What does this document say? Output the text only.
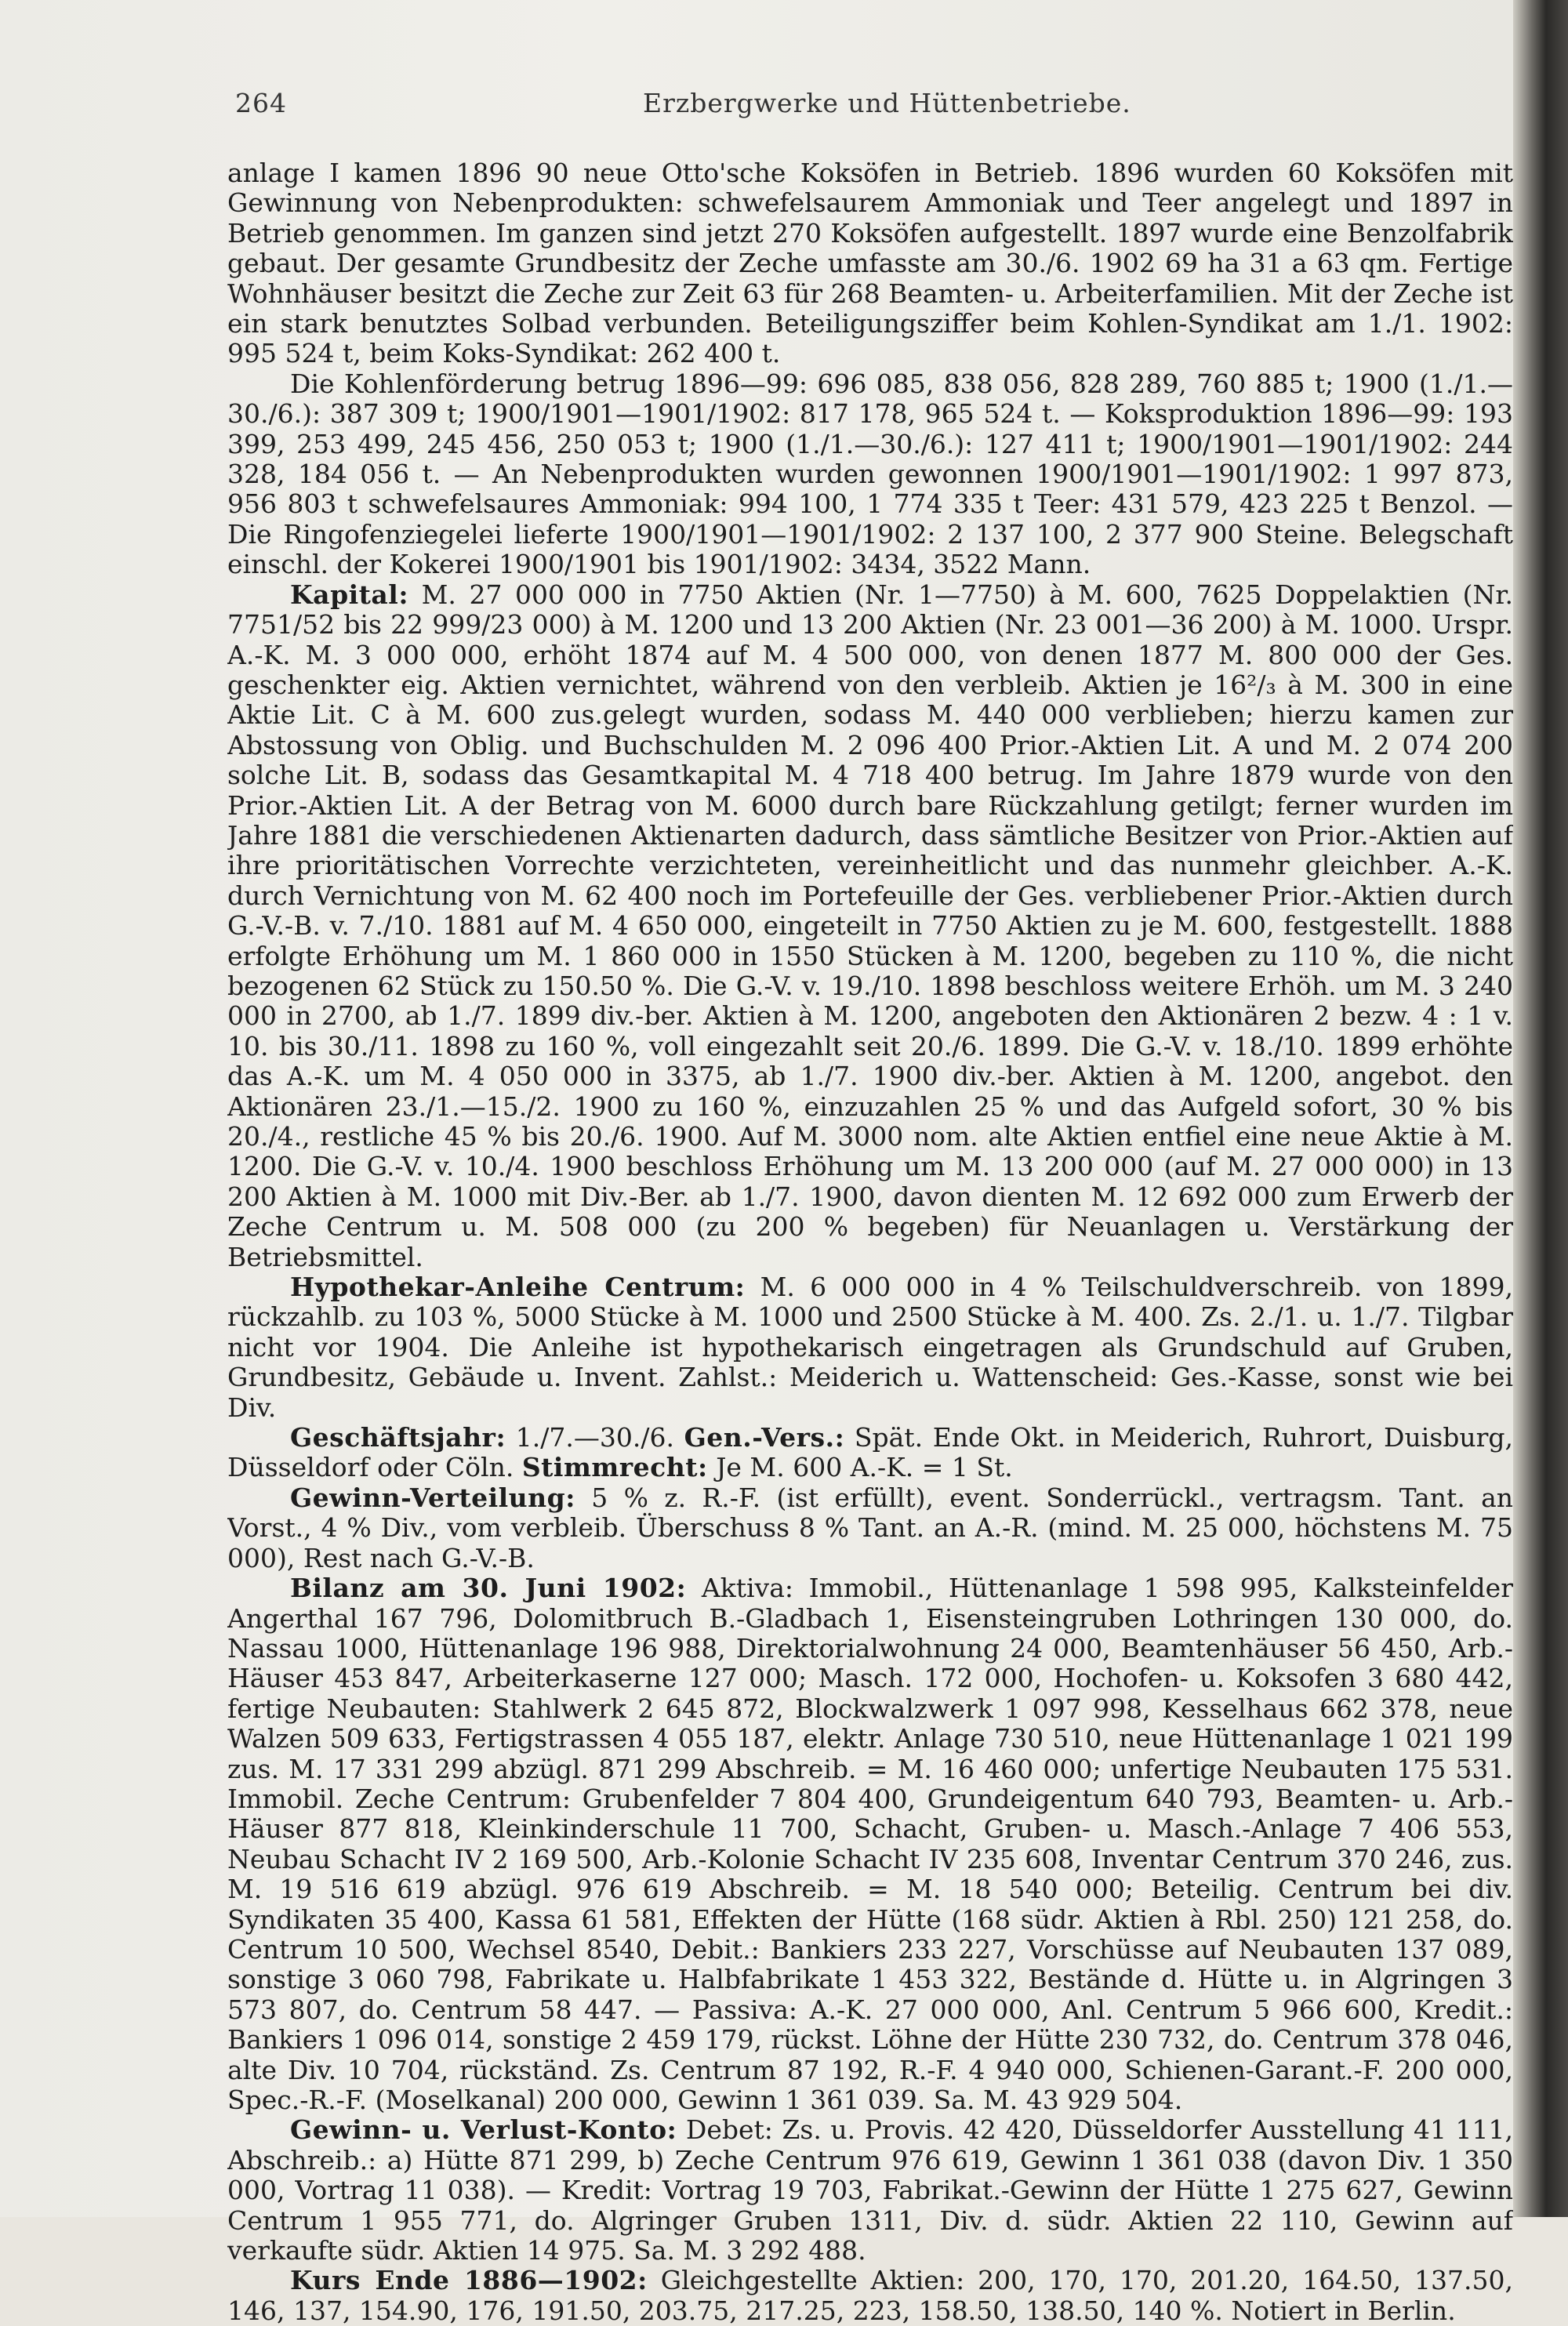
264	Erzbergwerke und Hüttenbetriebe.

anlage I kamen 1896 90 neue Otto'sche Koksöfen in Betrieb. 1896 wurden 60 Koksöfen mit Gewinnung von Nebenprodukten: schwefelsaurem Ammoniak und Teer angelegt und 1897 in Betrieb genommen. Im ganzen sind jetzt 270 Koksöfen aufgestellt. 1897 wurde eine Benzolfabrik gebaut. Der gesamte Grundbesitz der Zeche umfasste am 30./6. 1902 69 ha 31 a 63 qm. Fertige Wohnhäuser besitzt die Zeche zur Zeit 63 für 268 Beamten- u. Arbeiterfamilien. Mit der Zeche ist ein stark benutztes Solbad verbunden. Beteiligungsziffer beim Kohlen-Syndikat am 1./1. 1902: 995 524 t, beim Koks-Syndikat: 262 400 t.

Die Kohlenförderung betrug 1896—99: 696 085, 838 056, 828 289, 760 885 t; 1900 (1./1.—30./6.): 387 309 t; 1900/1901—1901/1902: 817 178, 965 524 t. — Koksproduktion 1896—99: 193 399, 253 499, 245 456, 250 053 t; 1900 (1./1.—30./6.): 127 411 t; 1900/1901—1901/1902: 244 328, 184 056 t. — An Nebenprodukten wurden gewonnen 1900/1901—1901/1902: 1 997 873, 956 803 t schwefelsaures Ammoniak: 994 100, 1 774 335 t Teer: 431 579, 423 225 t Benzol. — Die Ringofenziegelei lieferte 1900/1901—1901/1902: 2 137 100, 2 377 900 Steine. Belegschaft einschl. der Kokerei 1900/1901 bis 1901/1902: 3434, 3522 Mann.

Kapital: M. 27 000 000 in 7750 Aktien (Nr. 1—7750) à M. 600, 7625 Doppelaktien (Nr. 7751/52 bis 22 999/23 000) à M. 1200 und 13 200 Aktien (Nr. 23 001—36 200) à M. 1000. Urspr. A.-K. M. 3 000 000, erhöht 1874 auf M. 4 500 000, von denen 1877 M. 800 000 der Ges. geschenkter eig. Aktien vernichtet, während von den verbleib. Aktien je 16²/₃ à M. 300 in eine Aktie Lit. C à M. 600 zus.gelegt wurden, sodass M. 440 000 verblieben; hierzu kamen zur Abstossung von Oblig. und Buchschulden M. 2 096 400 Prior.-Aktien Lit. A und M. 2 074 200 solche Lit. B, sodass das Gesamtkapital M. 4 718 400 betrug. Im Jahre 1879 wurde von den Prior.-Aktien Lit. A der Betrag von M. 6000 durch bare Rückzahlung getilgt; ferner wurden im Jahre 1881 die verschiedenen Aktienarten dadurch, dass sämtliche Besitzer von Prior.-Aktien auf ihre prioritätischen Vorrechte verzichteten, vereinheitlicht und das nunmehr gleichber. A.-K. durch Vernichtung von M. 62 400 noch im Portefeuille der Ges. verbliebener Prior.-Aktien durch G.-V.-B. v. 7./10. 1881 auf M. 4 650 000, eingeteilt in 7750 Aktien zu je M. 600, festgestellt. 1888 erfolgte Erhöhung um M. 1 860 000 in 1550 Stücken à M. 1200, begeben zu 110 %, die nicht bezogenen 62 Stück zu 150.50 %. Die G.-V. v. 19./10. 1898 beschloss weitere Erhöh. um M. 3 240 000 in 2700, ab 1./7. 1899 div.-ber. Aktien à M. 1200, angeboten den Aktionären 2 bezw. 4 : 1 v. 10. bis 30./11. 1898 zu 160 %, voll eingezahlt seit 20./6. 1899. Die G.-V. v. 18./10. 1899 erhöhte das A.-K. um M. 4 050 000 in 3375, ab 1./7. 1900 div.-ber. Aktien à M. 1200, angebot. den Aktionären 23./1.—15./2. 1900 zu 160 %, einzuzahlen 25 % und das Aufgeld sofort, 30 % bis 20./4., restliche 45 % bis 20./6. 1900. Auf M. 3000 nom. alte Aktien entfiel eine neue Aktie à M. 1200. Die G.-V. v. 10./4. 1900 beschloss Erhöhung um M. 13 200 000 (auf M. 27 000 000) in 13 200 Aktien à M. 1000 mit Div.-Ber. ab 1./7. 1900, davon dienten M. 12 692 000 zum Erwerb der Zeche Centrum u. M. 508 000 (zu 200 % begeben) für Neuanlagen u. Verstärkung der Betriebsmittel.

Hypothekar-Anleihe Centrum: M. 6 000 000 in 4 % Teilschuldverschreib. von 1899, rückzahlb. zu 103 %, 5000 Stücke à M. 1000 und 2500 Stücke à M. 400. Zs. 2./1. u. 1./7. Tilgbar nicht vor 1904. Die Anleihe ist hypothekarisch eingetragen als Grundschuld auf Gruben, Grundbesitz, Gebäude u. Invent. Zahlst.: Meiderich u. Wattenscheid: Ges.-Kasse, sonst wie bei Div.

Geschäftsjahr: 1./7.—30./6. Gen.-Vers.: Spät. Ende Okt. in Meiderich, Ruhrort, Duisburg, Düsseldorf oder Cöln. Stimmrecht: Je M. 600 A.-K. = 1 St.

Gewinn-Verteilung: 5 % z. R.-F. (ist erfüllt), event. Sonderrückl., vertragsm. Tant. an Vorst., 4 % Div., vom verbleib. Überschuss 8 % Tant. an A.-R. (mind. M. 25 000, höchstens M. 75 000), Rest nach G.-V.-B.

Bilanz am 30. Juni 1902: Aktiva: Immobil., Hüttenanlage 1 598 995, Kalksteinfelder Angerthal 167 796, Dolomitbruch B.-Gladbach 1, Eisensteingruben Lothringen 130 000, do. Nassau 1000, Hüttenanlage 196 988, Direktorialwohnung 24 000, Beamtenhäuser 56 450, Arb.-Häuser 453 847, Arbeiterkaserne 127 000; Masch. 172 000, Hochofen- u. Koksofen 3 680 442, fertige Neubauten: Stahlwerk 2 645 872, Blockwalzwerk 1 097 998, Kesselhaus 662 378, neue Walzen 509 633, Fertigstrassen 4 055 187, elektr. Anlage 730 510, neue Hüttenanlage 1 021 199 zus. M. 17 331 299 abzügl. 871 299 Abschreib. = M. 16 460 000; unfertige Neubauten 175 531. Immobil. Zeche Centrum: Grubenfelder 7 804 400, Grundeigentum 640 793, Beamten- u. Arb.-Häuser 877 818, Kleinkinderschule 11 700, Schacht, Gruben- u. Masch.-Anlage 7 406 553, Neubau Schacht IV 2 169 500, Arb.-Kolonie Schacht IV 235 608, Inventar Centrum 370 246, zus. M. 19 516 619 abzügl. 976 619 Abschreib. = M. 18 540 000; Beteilig. Centrum bei div. Syndikaten 35 400, Kassa 61 581, Effekten der Hütte (168 südr. Aktien à Rbl. 250) 121 258, do. Centrum 10 500, Wechsel 8540, Debit.: Bankiers 233 227, Vorschüsse auf Neubauten 137 089, sonstige 3 060 798, Fabrikate u. Halbfabrikate 1 453 322, Bestände d. Hütte u. in Algringen 3 573 807, do. Centrum 58 447. — Passiva: A.-K. 27 000 000, Anl. Centrum 5 966 600, Kredit.: Bankiers 1 096 014, sonstige 2 459 179, rückst. Löhne der Hütte 230 732, do. Centrum 378 046, alte Div. 10 704, rückständ. Zs. Centrum 87 192, R.-F. 4 940 000, Schienen-Garant.-F. 200 000, Spec.-R.-F. (Moselkanal) 200 000, Gewinn 1 361 039. Sa. M. 43 929 504.

Gewinn- u. Verlust-Konto: Debet: Zs. u. Provis. 42 420, Düsseldorfer Ausstellung 41 111, Abschreib.: a) Hütte 871 299, b) Zeche Centrum 976 619, Gewinn 1 361 038 (davon Div. 1 350 000, Vortrag 11 038). — Kredit: Vortrag 19 703, Fabrikat.-Gewinn der Hütte 1 275 627, Gewinn Centrum 1 955 771, do. Algringer Gruben 1311, Div. d. südr. Aktien 22 110, Gewinn auf verkaufte südr. Aktien 14 975. Sa. M. 3 292 488.

Kurs Ende 1886—1902: Gleichgestellte Aktien: 200, 170, 170, 201.20, 164.50, 137.50, 146, 137, 154.90, 176, 191.50, 203.75, 217.25, 223, 158.50, 138.50, 140 %. Notiert in Berlin.
